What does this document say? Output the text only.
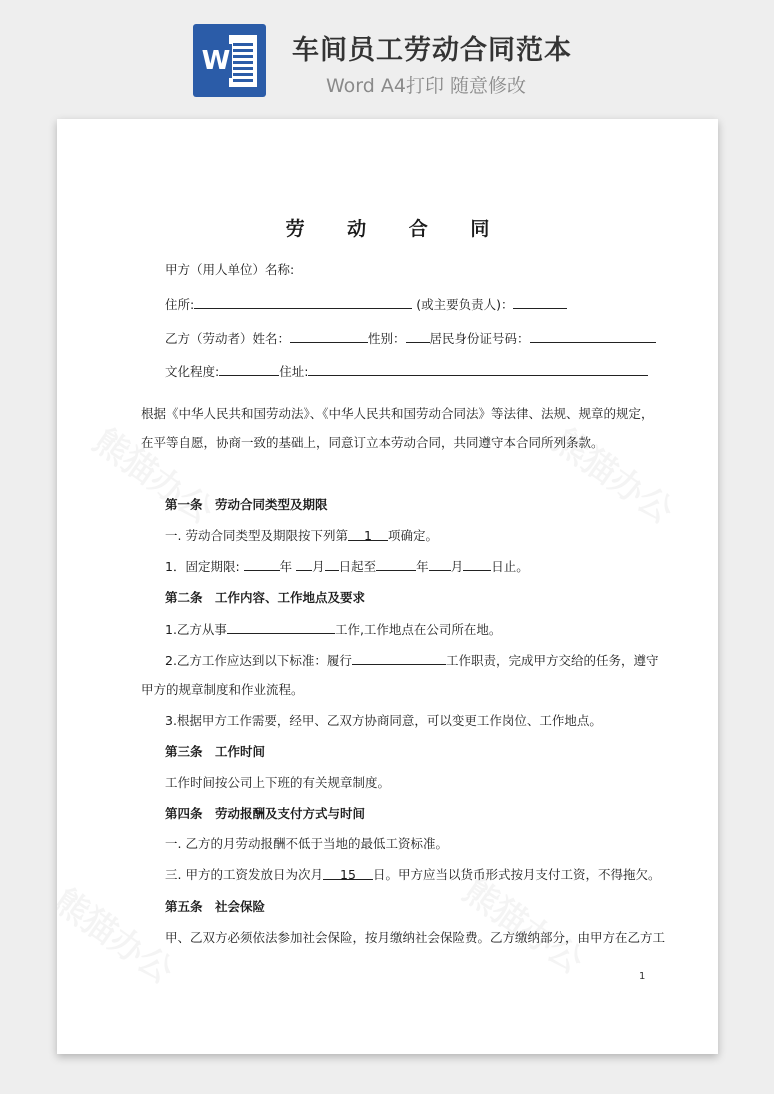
W 车间员工劳动合同范本
Word A4打印 随意修改
劳 动 合 同
甲方（用人单位）名称:
住所:	(或主要负责人)：
乙方（劳动者）姓名：	性别： 居民身份证号码：
文化程度:	住址:
根据《中华人民共和国劳动法》、《中华人民共和国劳动合同法》等法律、法规、规章的规定，
在平等自愿，协商一致的基础上，同意订立本劳动合同，共同遵守本合同所列条款。
第一条　劳动合同类型及期限
一. 劳动合同类型及期限按下列第 1 项确定。
1．固定期限:	年 月 日起至	年 月 日止。
第二条　工作内容、工作地点及要求
1.乙方从事	工作,工作地点在公司所在地。
2.乙方工作应达到以下标准：履行	工作职责，完成甲方交给的任务，遵守
甲方的规章制度和作业流程。
3.根据甲方工作需要，经甲、乙双方协商同意，可以变更工作岗位、工作地点。
第三条　工作时间
工作时间按公司上下班的有关规章制度。
第四条　劳动报酬及支付方式与时间
一. 乙方的月劳动报酬不低于当地的最低工资标准。
三. 甲方的工资发放日为次月 15 日。甲方应当以货币形式按月支付工资，不得拖欠。
第五条　社会保险
甲、乙双方必须依法参加社会保险，按月缴纳社会保险费。乙方缴纳部分，由甲方在乙方工
1
